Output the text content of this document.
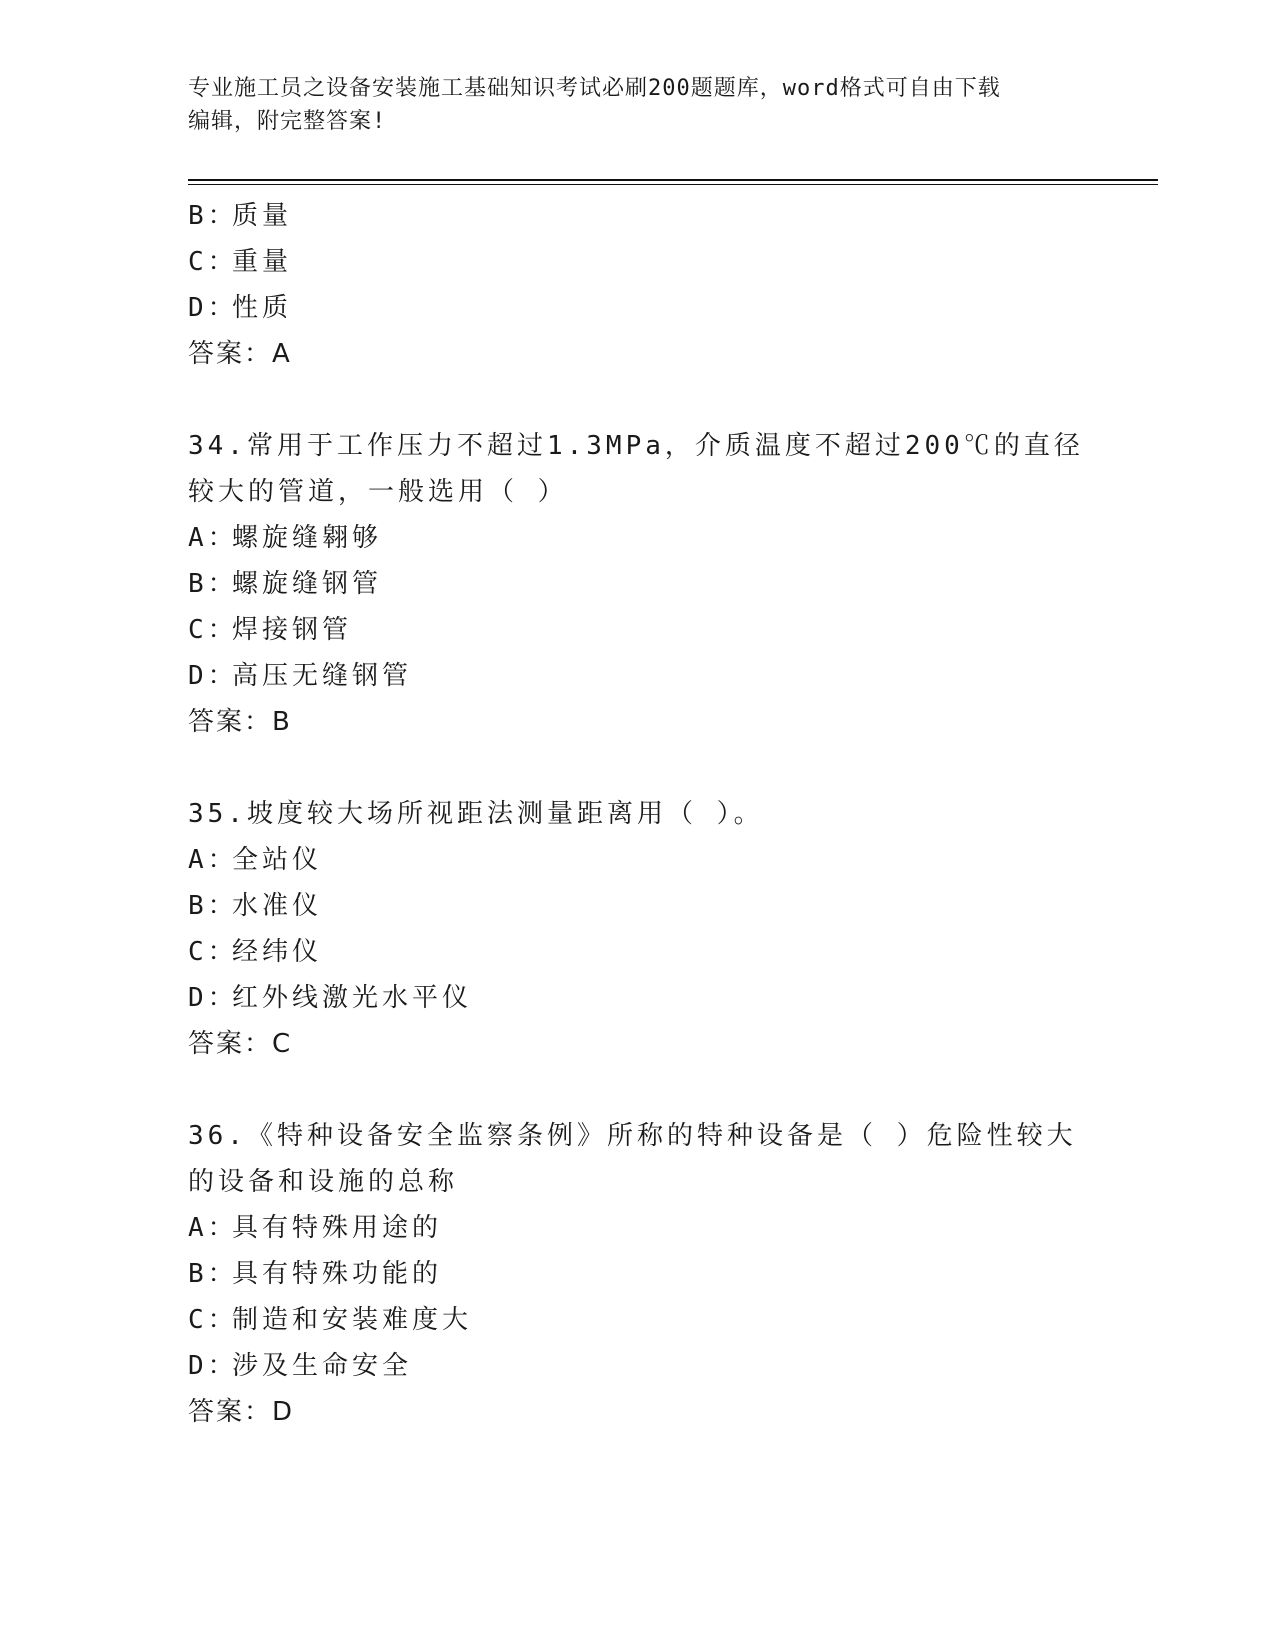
专业施工员之设备安装施工基础知识考试必刷200题题库，word格式可自由下载
编辑，附完整答案!
B：质量
C：重量
D：性质
答案：A
34.常用于工作压力不超过1.3MPa，介质温度不超过200℃的直径较大的管道，一般选用（ ）
A：螺旋缝翱够
B：螺旋缝钢管
C：焊接钢管
D：高压无缝钢管
答案：B
35.坡度较大场所视距法测量距离用（ ）。
A：全站仪
B：水准仪
C：经纬仪
D：红外线激光水平仪
答案：C
36.《特种设备安全监察条例》所称的特种设备是（ ）危险性较大的设备和设施的总称
A：具有特殊用途的
B：具有特殊功能的
C：制造和安装难度大
D：涉及生命安全
答案：D
